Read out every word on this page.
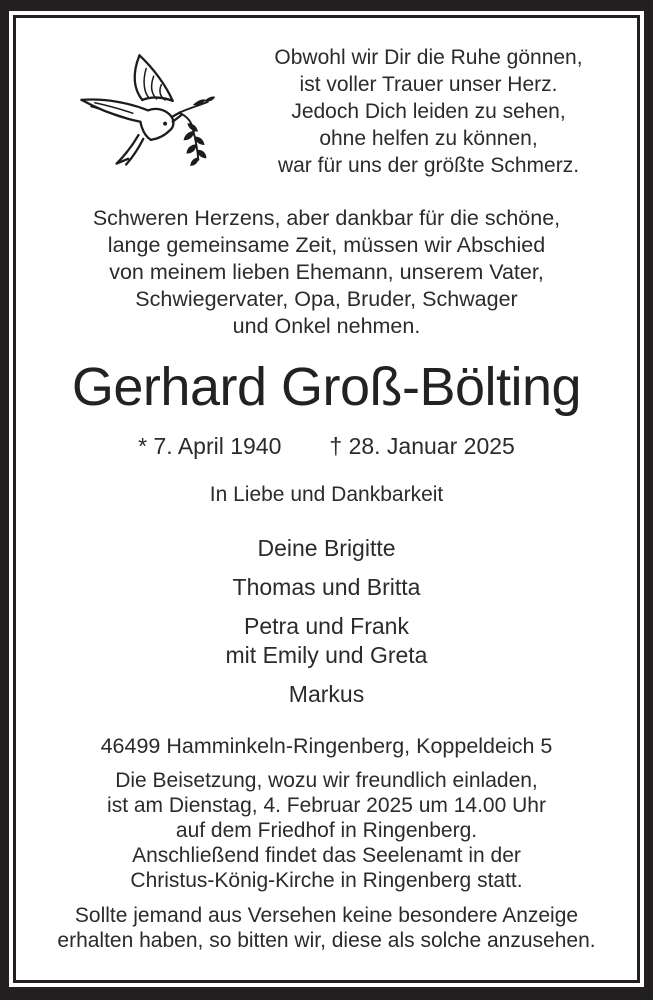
Obwohl wir Dir die Ruhe gönnen,
ist voller Trauer unser Herz.
Jedoch Dich leiden zu sehen,
ohne helfen zu können,
war für uns der größte Schmerz.
Schweren Herzens, aber dankbar für die schöne,
lange gemeinsame Zeit, müssen wir Abschied
von meinem lieben Ehemann, unserem Vater,
Schwiegervater, Opa, Bruder, Schwager
und Onkel nehmen.
Gerhard Groß-Bölting
* 7. April 1940 † 28. Januar 2025
In Liebe und Dankbarkeit
Deine Brigitte
Thomas und Britta
Petra und Frank
mit Emily und Greta
Markus
46499 Hamminkeln-Ringenberg, Koppeldeich 5
Die Beisetzung, wozu wir freundlich einladen,
ist am Dienstag, 4. Februar 2025 um 14.00 Uhr
auf dem Friedhof in Ringenberg.
Anschließend findet das Seelenamt in der
Christus-König-Kirche in Ringenberg statt.
Sollte jemand aus Versehen keine besondere Anzeige
erhalten haben, so bitten wir, diese als solche anzusehen.
